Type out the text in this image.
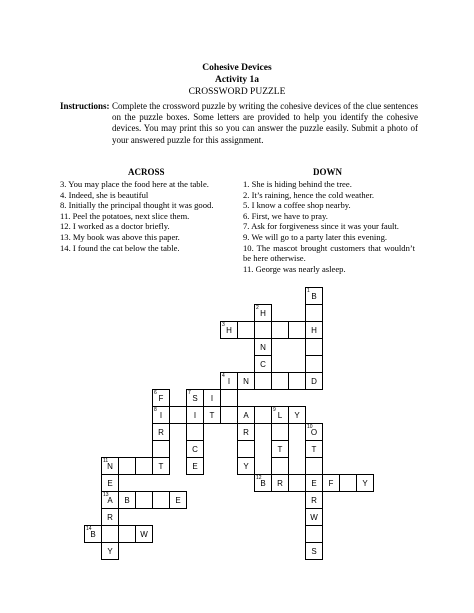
Cohesive Devices
Activity 1a
CROSSWORD PUZZLE
Instructions: Complete the crossword puzzle by writing the cohesive devices of the clue sentences on the puzzle boxes. Some letters are provided to help you identify the cohesive devices. You may print this so you can answer the puzzle easily. Submit a photo of your answered puzzle for this assignment.
ACROSS	DOWN
3. You may place the food here at the table.
4. Indeed, she is beautiful
8. Initially the principal thought it was good.
11. Peel the potatoes, next slice them.
12. I worked as a doctor briefly.
13. My book was above this paper.
14. I found the cat below the table.
1. She is hiding behind the tree.
2. It’s raining, hence the cold weather.
5. I know a coffee shop nearby.
6. First, we have to pray.
7. Ask for forgiveness since it was your fault.
9. We will go to a party later this evening.
10. The mascot brought customers that wouldn’t be here otherwise.
11. George was nearly asleep.
1
B
2
H
3
H	H
N
C
4
I	N	D
6
F
7
S	I
8
I	I	T	A
9
L	Y
R	R
10
O
C	T	T
11
N	T	E	Y
E
12
B	R	E	F	Y
13
A	B	E	R
R	W
14
B	W
Y	S
